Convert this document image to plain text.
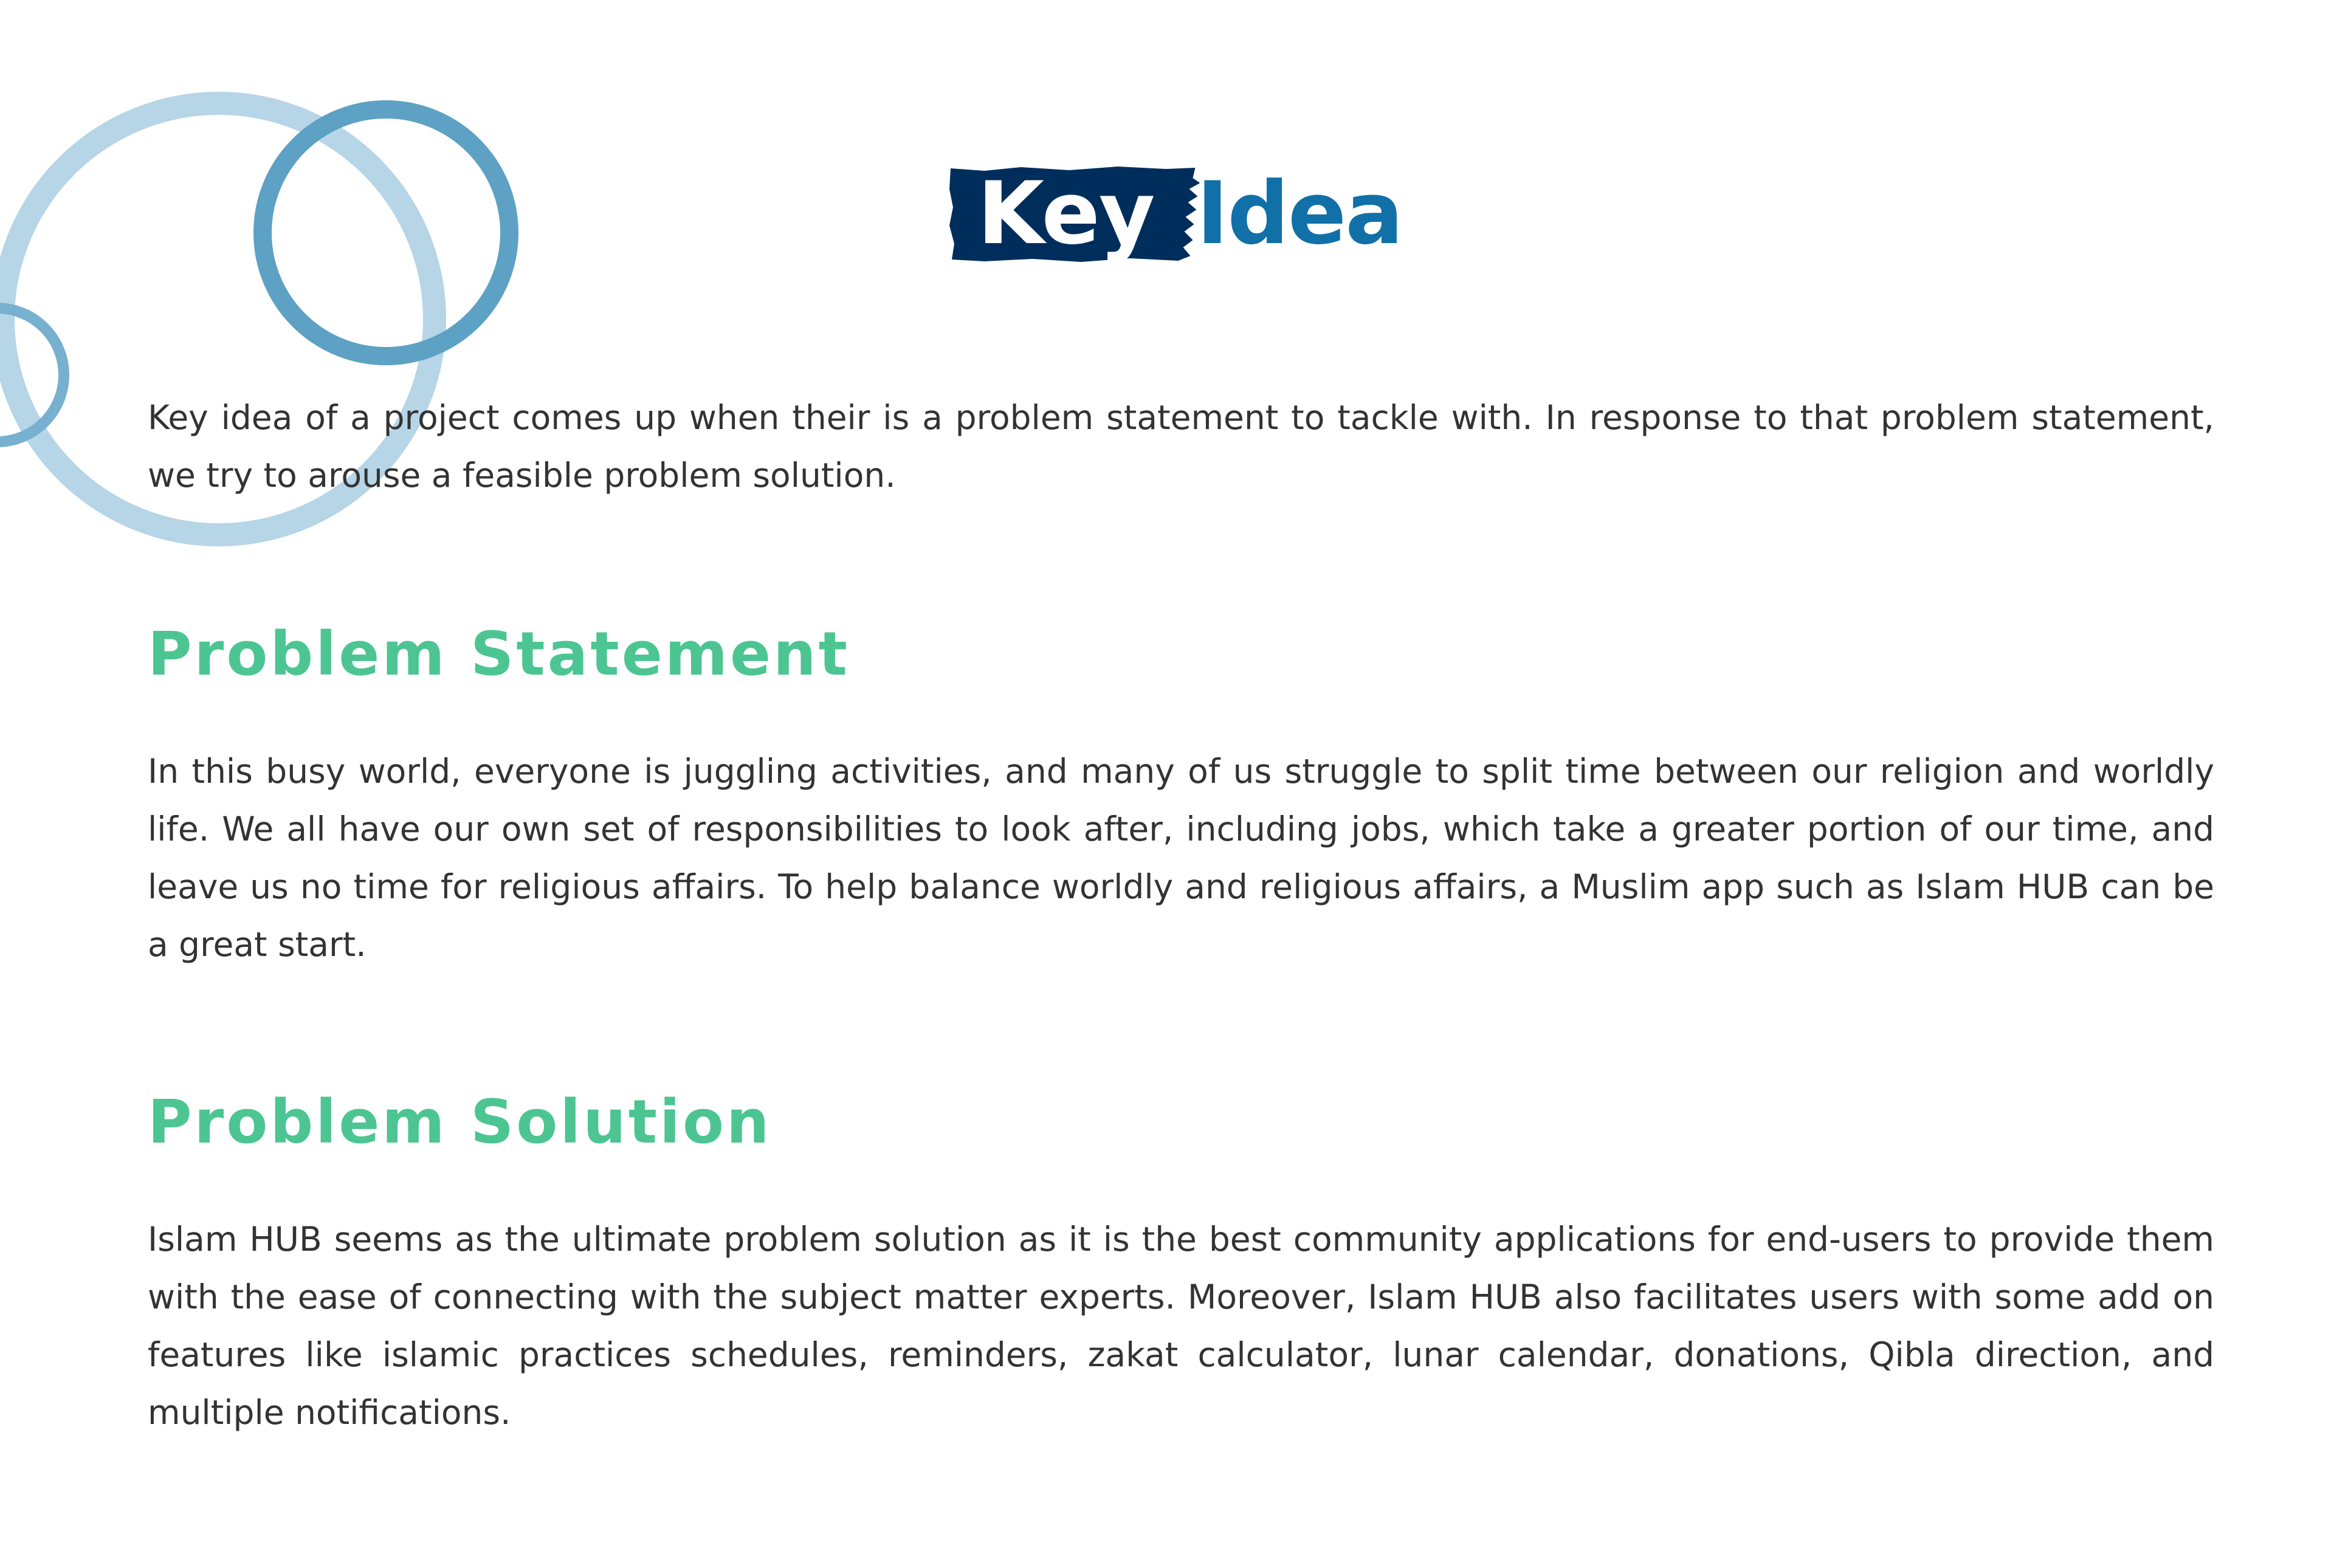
Key Idea

Key idea of a project comes up when their is a problem statement to tackle with. In response to that problem statement, we try to arouse a feasible problem solution.

Problem Statement

In this busy world, everyone is juggling activities, and many of us struggle to split time between our religion and worldly life. We all have our own set of responsibilities to look after, including jobs, which take a greater portion of our time, and leave us no time for religious affairs. To help balance worldly and religious affairs, a Muslim app such as Islam HUB can be a great start.

Problem Solution

Islam HUB seems as the ultimate problem solution as it is the best community applications for end-users to provide them with the ease of connecting with the subject matter experts. Moreover, Islam HUB also facilitates users with some add on features like islamic practices schedules, reminders, zakat calculator, lunar calendar, donations, Qibla direction, and multiple notifications.
